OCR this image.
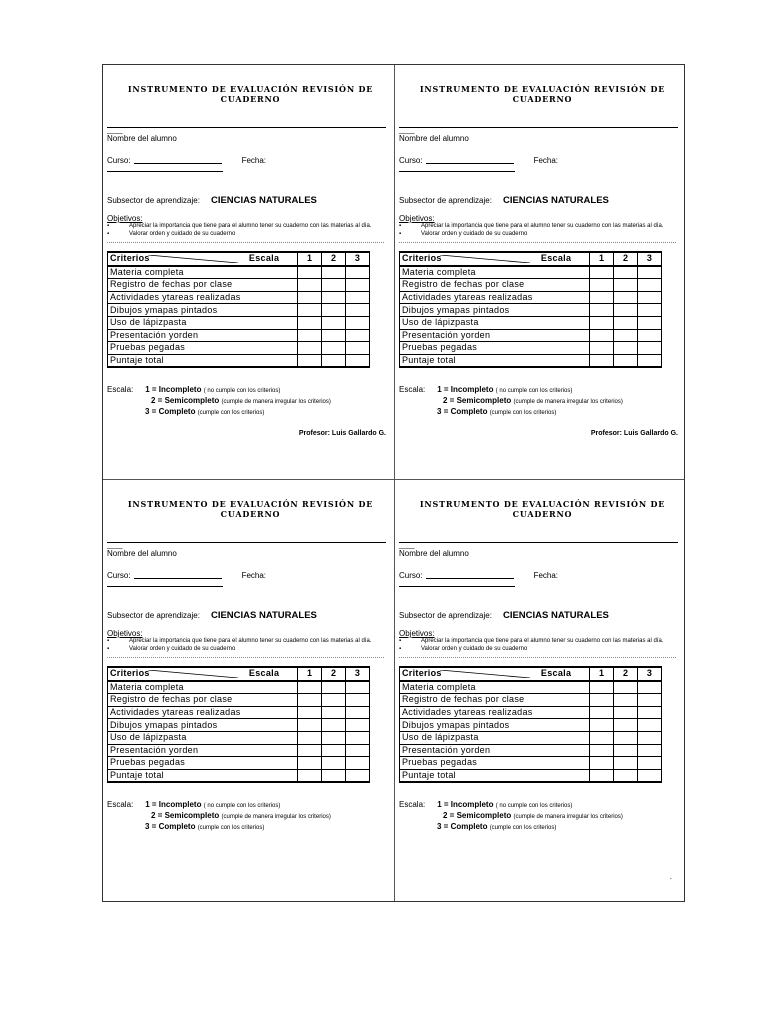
INSTRUMENTO DE EVALUACIÓN REVISIÓN DE CUADERNO
____
Nombre del alumno
Curso:	Fecha:
Subsector de aprendizaje: CIENCIAS NATURALES
Objetivos:
▪ Apreciar la importancia que tiene para el alumno tener su cuaderno con las materias al día.
▪ Valorar orden y cuidado de su cuaderno
Criterios Escala	1	2	3
Materia completa			
Registro de fechas por clase			
Actividades ytareas realizadas			
Dibujos ymapas pintados			
Uso de lápizpasta			
Presentación yorden			
Pruebas pegadas			
Puntaje total			
Escala: 1 = Incompleto ( no cumple con los criterios)
2 = Semicompleto (cumple de manera irregular los criterios)
3 = Completo (cumple con los criterios)
Profesor: Luis Gallardo G.
INSTRUMENTO DE EVALUACIÓN REVISIÓN DE CUADERNO
____
Nombre del alumno
Curso:	Fecha:
Subsector de aprendizaje: CIENCIAS NATURALES
Objetivos:
▪ Apreciar la importancia que tiene para el alumno tener su cuaderno con las materias al día.
▪ Valorar orden y cuidado de su cuaderno
Criterios Escala	1	2	3
Materia completa			
Registro de fechas por clase			
Actividades ytareas realizadas			
Dibujos ymapas pintados			
Uso de lápizpasta			
Presentación yorden			
Pruebas pegadas			
Puntaje total			
Escala: 1 = Incompleto ( no cumple con los criterios)
2 = Semicompleto (cumple de manera irregular los criterios)
3 = Completo (cumple con los criterios)
Profesor: Luis Gallardo G.
INSTRUMENTO DE EVALUACIÓN REVISIÓN DE CUADERNO
____
Nombre del alumno
Curso:	Fecha:
Subsector de aprendizaje: CIENCIAS NATURALES
Objetivos:
▪ Apreciar la importancia que tiene para el alumno tener su cuaderno con las materias al día.
▪ Valorar orden y cuidado de su cuaderno
Criterios Escala	1	2	3
Materia completa			
Registro de fechas por clase			
Actividades ytareas realizadas			
Dibujos ymapas pintados			
Uso de lápizpasta			
Presentación yorden			
Pruebas pegadas			
Puntaje total			
Escala: 1 = Incompleto ( no cumple con los criterios)
2 = Semicompleto (cumple de manera irregular los criterios)
3 = Completo (cumple con los criterios)
INSTRUMENTO DE EVALUACIÓN REVISIÓN DE CUADERNO
____
Nombre del alumno
Curso:	Fecha:
Subsector de aprendizaje: CIENCIAS NATURALES
Objetivos:
▪ Apreciar la importancia que tiene para el alumno tener su cuaderno con las materias al día.
▪ Valorar orden y cuidado de su cuaderno
Criterios Escala	1	2	3
Materia completa			
Registro de fechas por clase			
Actividades ytareas realizadas			
Dibujos ymapas pintados			
Uso de lápizpasta			
Presentación yorden			
Pruebas pegadas			
Puntaje total			
Escala: 1 = Incompleto ( no cumple con los criterios)
2 = Semicompleto (cumple de manera irregular los criterios)
3 = Completo (cumple con los criterios)
.
